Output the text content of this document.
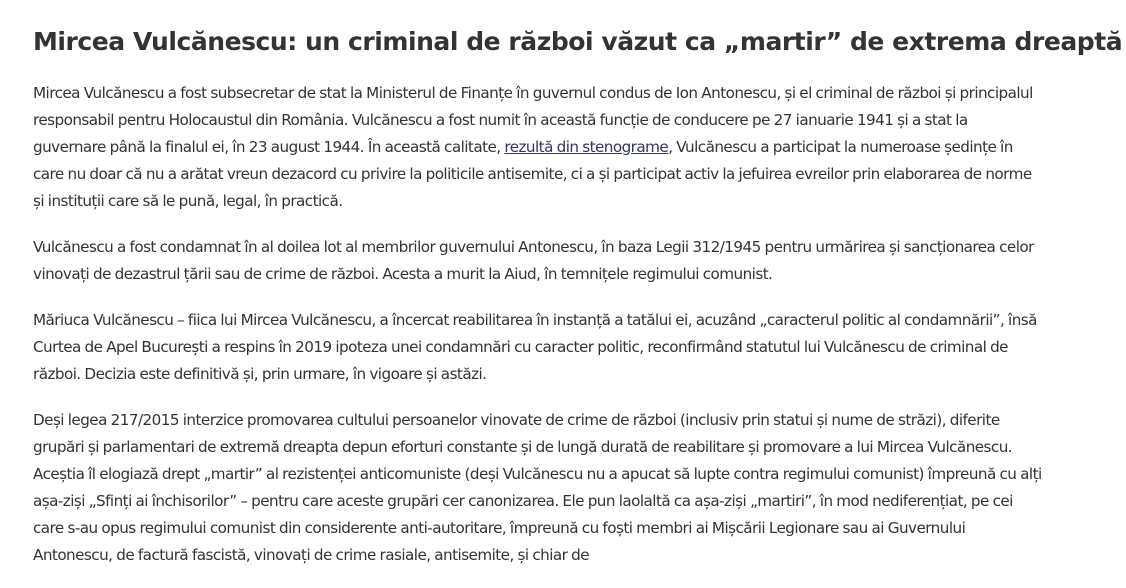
Mircea Vulcănescu: un criminal de război văzut ca „martir” de extrema dreaptă

Mircea Vulcănescu a fost subsecretar de stat la Ministerul de Finanțe în guvernul condus de Ion Antonescu, și el criminal de război și principalul responsabil pentru Holocaustul din România. Vulcănescu a fost numit în această funcție de conducere pe 27 ianuarie 1941 și a stat la guvernare până la finalul ei, în 23 august 1944. În această calitate, rezultă din stenograme, Vulcănescu a participat la numeroase ședințe în care nu doar că nu a arătat vreun dezacord cu privire la politicile antisemite, ci a și participat activ la jefuirea evreilor prin elaborarea de norme și instituții care să le pună, legal, în practică.

Vulcănescu a fost condamnat în al doilea lot al membrilor guvernului Antonescu, în baza Legii 312/1945 pentru urmărirea și sancționarea celor vinovați de dezastrul țării sau de crime de război. Acesta a murit la Aiud, în temnițele regimului comunist.

Măriuca Vulcănescu – fiica lui Mircea Vulcănescu, a încercat reabilitarea în instanță a tatălui ei, acuzând „caracterul politic al condamnării”, însă Curtea de Apel București a respins în 2019 ipoteza unei condamnări cu caracter politic, reconfirmând statutul lui Vulcănescu de criminal de război. Decizia este definitivă și, prin urmare, în vigoare și astăzi.

Deși legea 217/2015 interzice promovarea cultului persoanelor vinovate de crime de război (inclusiv prin statui și nume de străzi), diferite grupări și parlamentari de extremă dreapta depun eforturi constante și de lungă durată de reabilitare și promovare a lui Mircea Vulcănescu. Aceștia îl elogiază drept „martir” al rezistenței anticomuniste (deși Vulcănescu nu a apucat să lupte contra regimului comunist) împreună cu alți așa-ziși „Sfinți ai închisorilor” – pentru care aceste grupări cer canonizarea. Ele pun laolaltă ca așa-ziși „martiri”, în mod nediferențiat, pe cei care s-au opus regimului comunist din considerente anti-autoritare, împreună cu foști membri ai Mișcării Legionare sau ai Guvernului Antonescu, de factură fascistă, vinovați de crime rasiale, antisemite, și chiar de
